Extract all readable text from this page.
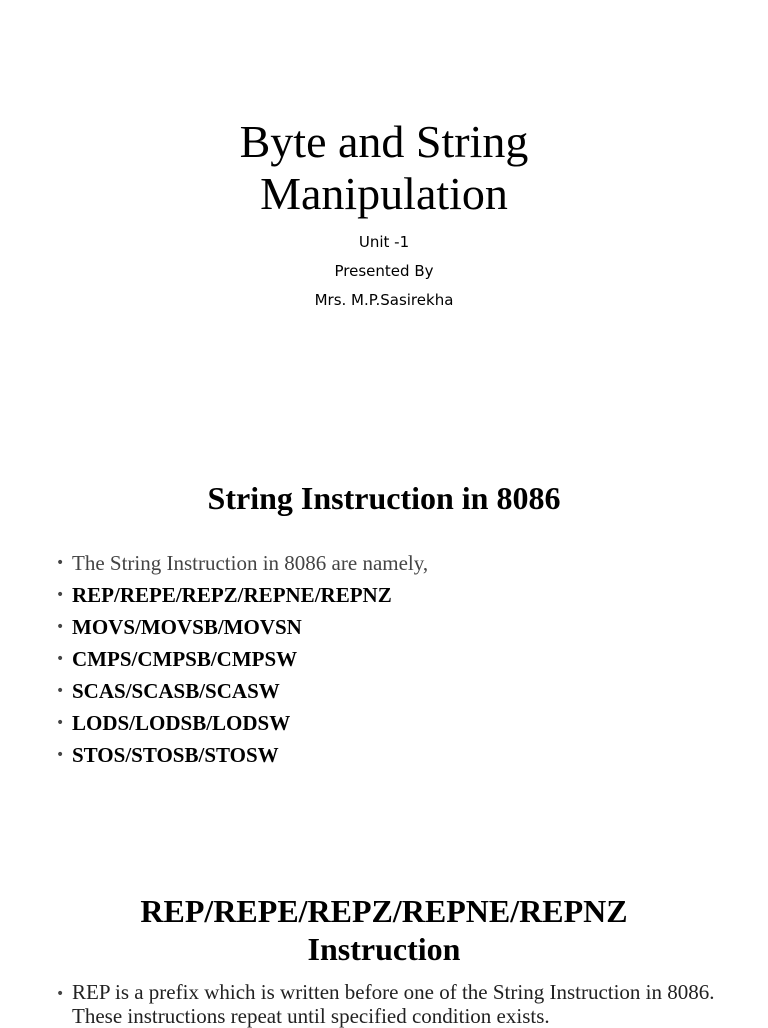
Byte and String
Manipulation
Unit -1
Presented By
Mrs. M.P.Sasirekha
String Instruction in 8086
• The String Instruction in 8086 are namely,
• REP/REPE/REPZ/REPNE/REPNZ
• MOVS/MOVSB/MOVSN
• CMPS/CMPSB/CMPSW
• SCAS/SCASB/SCASW
• LODS/LODSB/LODSW
• STOS/STOSB/STOSW
REP/REPE/REPZ/REPNE/REPNZ
Instruction
• REP is a prefix which is written before one of the String Instruction in 8086. These instructions repeat until specified condition exists.
